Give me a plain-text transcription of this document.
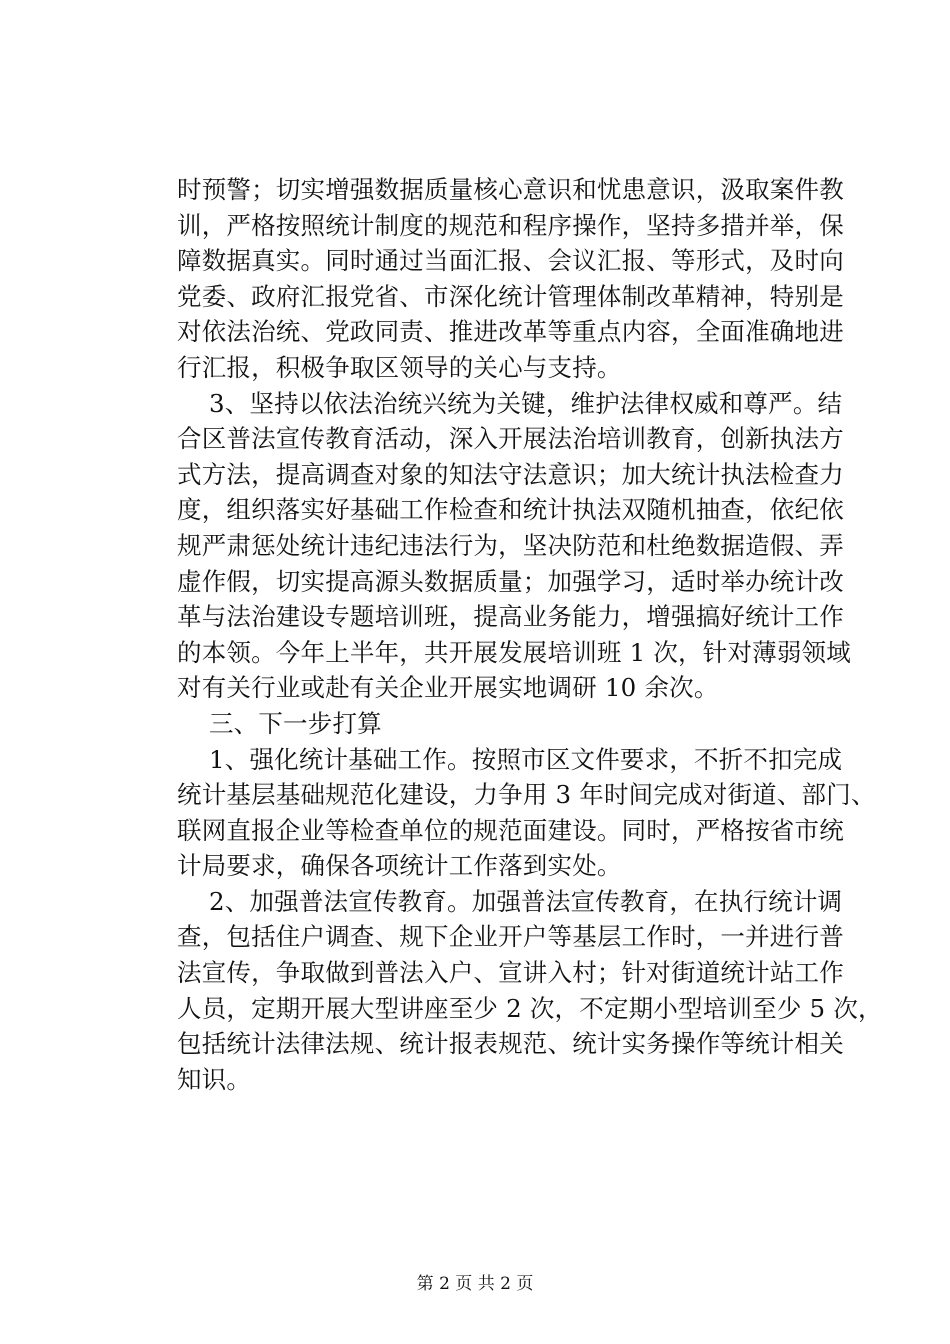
时预警；切实增强数据质量核心意识和忧患意识，汲取案件教
训，严格按照统计制度的规范和程序操作，坚持多措并举，保
障数据真实。同时通过当面汇报、会议汇报、等形式，及时向
党委、政府汇报党省、市深化统计管理体制改革精神，特别是
对依法治统、党政同责、推进改革等重点内容，全面准确地进
行汇报，积极争取区领导的关心与支持。
3、坚持以依法治统兴统为关键，维护法律权威和尊严。结
合区普法宣传教育活动，深入开展法治培训教育，创新执法方
式方法，提高调查对象的知法守法意识；加大统计执法检查力
度，组织落实好基础工作检查和统计执法双随机抽查，依纪依
规严肃惩处统计违纪违法行为，坚决防范和杜绝数据造假、弄
虚作假，切实提高源头数据质量；加强学习，适时举办统计改
革与法治建设专题培训班，提高业务能力，增强搞好统计工作
的本领。今年上半年，共开展发展培训班 1 次，针对薄弱领域
对有关行业或赴有关企业开展实地调研 10 余次。
三、下一步打算
1、强化统计基础工作。按照市区文件要求，不折不扣完成
统计基层基础规范化建设，力争用 3 年时间完成对街道、部门、
联网直报企业等检查单位的规范面建设。同时，严格按省市统
计局要求，确保各项统计工作落到实处。
2、加强普法宣传教育。加强普法宣传教育，在执行统计调
查，包括住户调查、规下企业开户等基层工作时，一并进行普
法宣传，争取做到普法入户、宣讲入村；针对街道统计站工作
人员，定期开展大型讲座至少 2 次，不定期小型培训至少 5 次，
包括统计法律法规、统计报表规范、统计实务操作等统计相关
知识。
第 2 页 共 2 页
